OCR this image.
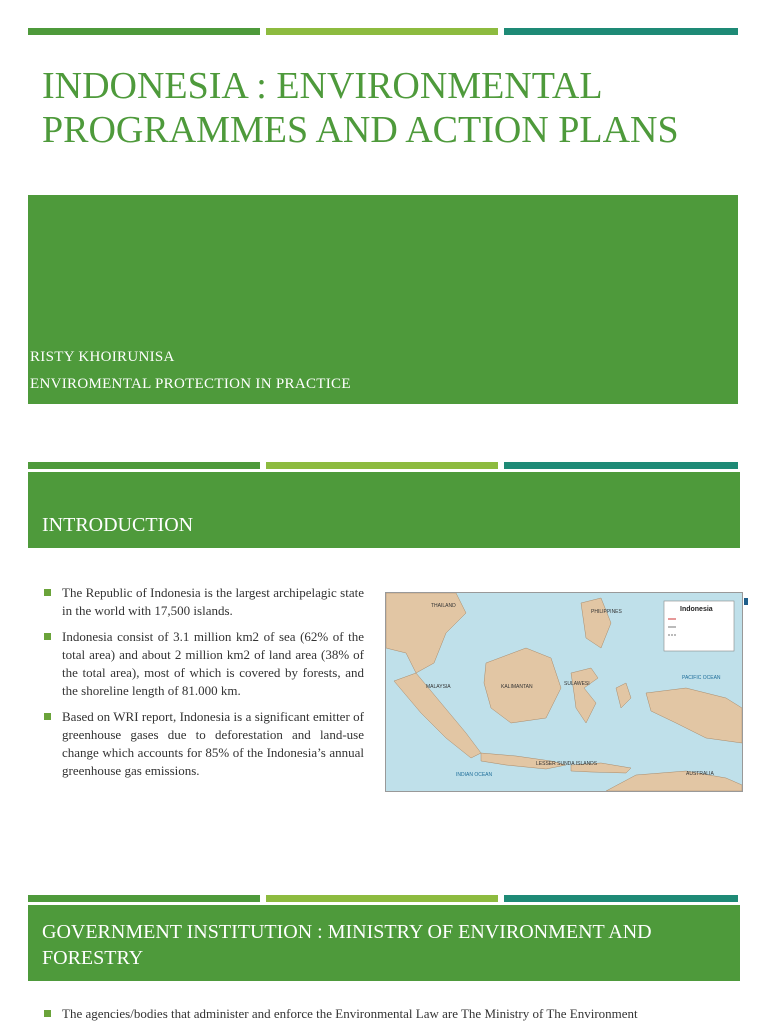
INDONESIA : ENVIRONMENTAL PROGRAMMES AND ACTION PLANS
RISTY KHOIRUNISA
ENVIROMENTAL PROTECTION IN PRACTICE
INTRODUCTION
The Republic of Indonesia is the largest archipelagic state in the world with 17,500 islands.
Indonesia consist of 3.1 million km2 of sea (62% of the total area) and about 2 million km2 of land area (38% of the total area), most of which is covered by forests, and the shoreline length of 81.000 km.
Based on WRI report, Indonesia is a significant emitter of greenhouse gases due to deforestation and land-use change which accounts for 85% of the Indonesia’s annual greenhouse gas emissions.
Indonesia
THAILAND
PHILIPPINES
MALAYSIA	KALIMANTAN	SULAWESI
PACIFIC OCEAN
INDIAN OCEAN	AUSTRALIA
LESSER SUNDA ISLANDS
GOVERNMENT INSTITUTION : MINISTRY OF ENVIRONMENT AND FORESTRY
The agencies/bodies that administer and enforce the Environmental Law are The Ministry of The Environment
